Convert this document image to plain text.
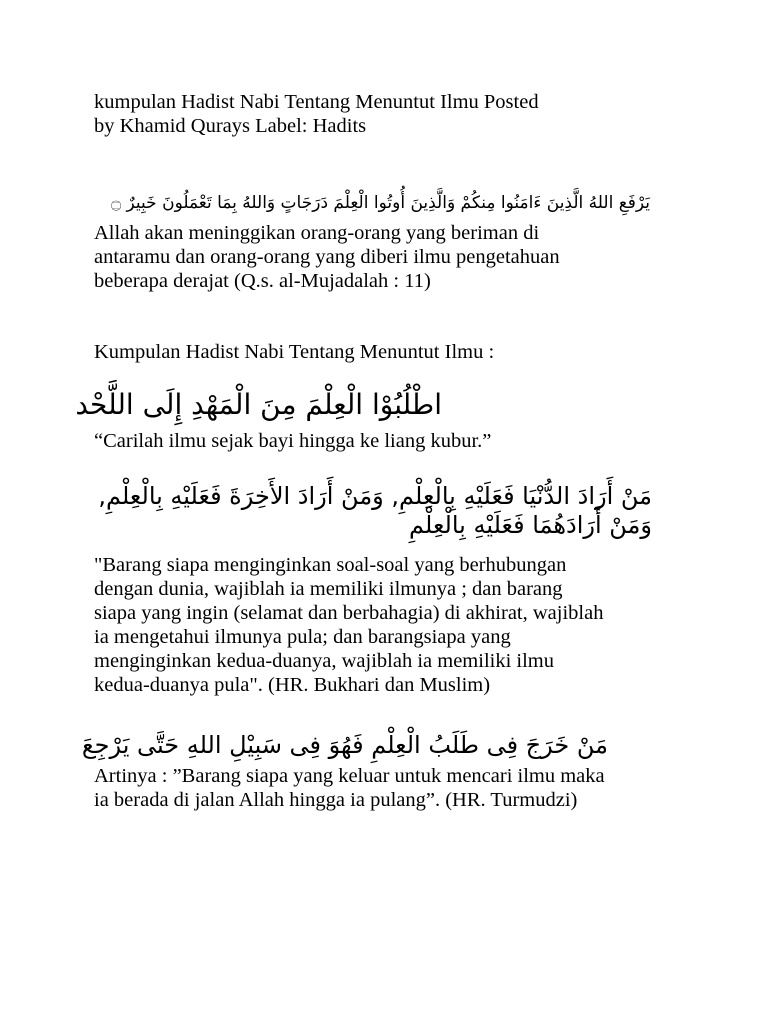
kumpulan Hadist Nabi Tentang Menuntut Ilmu Posted
by Khamid Qurays Label: Hadits
يَرْفَعِ اللهُ الَّذِينَ ءَامَنُوا مِنكُمْ وَالَّذِينَ أُوتُوا الْعِلْمَ دَرَجَاتٍ وَاللهُ بِمَا تَعْمَلُونَ خَبِيرٌ ۝
Allah akan meninggikan orang-orang yang beriman di
antaramu dan orang-orang yang diberi ilmu pengetahuan
beberapa derajat (Q.s. al-Mujadalah : 11)
Kumpulan Hadist Nabi Tentang Menuntut Ilmu :
اطْلُبُوْا الْعِلْمَ مِنَ الْمَهْدِ إِلَى اللَّحْد
“Carilah ilmu sejak bayi hingga ke liang kubur.”
مَنْ أَرَادَ الدُّنْيَا فَعَلَيْهِ بِالْعِلْمِ, وَمَنْ أَرَادَ الأَخِرَةَ فَعَلَيْهِ بِالْعِلْمِ,
وَمَنْ أَرَادَهُمَا فَعَلَيْهِ بِالْعِلْمِ
"Barang siapa menginginkan soal-soal yang berhubungan
dengan dunia, wajiblah ia memiliki ilmunya ; dan barang
siapa yang ingin (selamat dan berbahagia) di akhirat, wajiblah
ia mengetahui ilmunya pula; dan barangsiapa yang
menginginkan kedua-duanya, wajiblah ia memiliki ilmu
kedua-duanya pula". (HR. Bukhari dan Muslim)
مَنْ خَرَجَ فِى طَلَبُ الْعِلْمِ فَهُوَ فِى سَبِيْلِ اللهِ حَتَّى يَرْجِعَ
Artinya : ”Barang siapa yang keluar untuk mencari ilmu maka
ia berada di jalan Allah hingga ia pulang”. (HR. Turmudzi)
